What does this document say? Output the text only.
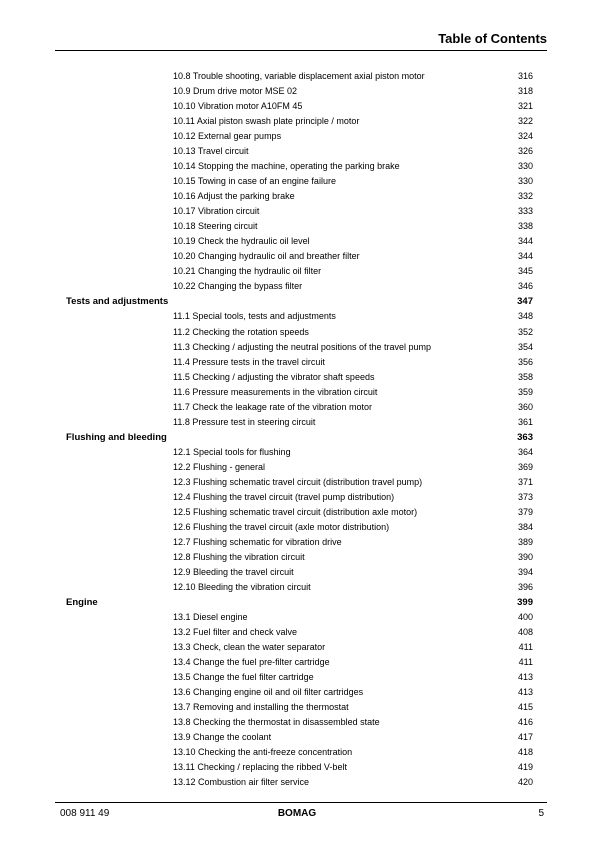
Table of Contents
10.8 Trouble shooting, variable displacement axial piston motor	316
10.9 Drum drive motor MSE 02	318
10.10 Vibration motor A10FM 45	321
10.11 Axial piston swash plate principle / motor	322
10.12 External gear pumps	324
10.13 Travel circuit	326
10.14 Stopping the machine, operating the parking brake	330
10.15 Towing in case of an engine failure	330
10.16 Adjust the parking brake	332
10.17 Vibration circuit	333
10.18 Steering circuit	338
10.19 Check the hydraulic oil level	344
10.20 Changing hydraulic oil and breather filter	344
10.21 Changing the hydraulic oil filter	345
10.22 Changing the bypass filter	346
Tests and adjustments	347
11.1 Special tools, tests and adjustments	348
11.2 Checking the rotation speeds	352
11.3 Checking / adjusting the neutral positions of the travel pump	354
11.4 Pressure tests in the travel circuit	356
11.5 Checking / adjusting the vibrator shaft speeds	358
11.6 Pressure measurements in the vibration circuit	359
11.7 Check the leakage rate of the vibration motor	360
11.8 Pressure test in steering circuit	361
Flushing and bleeding	363
12.1 Special tools for flushing	364
12.2 Flushing - general	369
12.3 Flushing schematic travel circuit (distribution travel pump)	371
12.4 Flushing the travel circuit (travel pump distribution)	373
12.5 Flushing schematic travel circuit (distribution axle motor)	379
12.6 Flushing the travel circuit (axle motor distribution)	384
12.7 Flushing schematic for vibration drive	389
12.8 Flushing the vibration circuit	390
12.9 Bleeding the travel circuit	394
12.10 Bleeding the vibration circuit	396
Engine	399
13.1 Diesel engine	400
13.2 Fuel filter and check valve	408
13.3 Check, clean the water separator	411
13.4 Change the fuel pre-filter cartridge	411
13.5 Change the fuel filter cartridge	413
13.6 Changing engine oil and oil filter cartridges	413
13.7 Removing and installing the thermostat	415
13.8 Checking the thermostat in disassembled state	416
13.9 Change the coolant	417
13.10 Checking the anti-freeze concentration	418
13.11 Checking / replacing the ribbed V-belt	419
13.12 Combustion air filter service	420
008 911 49	BOMAG	5
